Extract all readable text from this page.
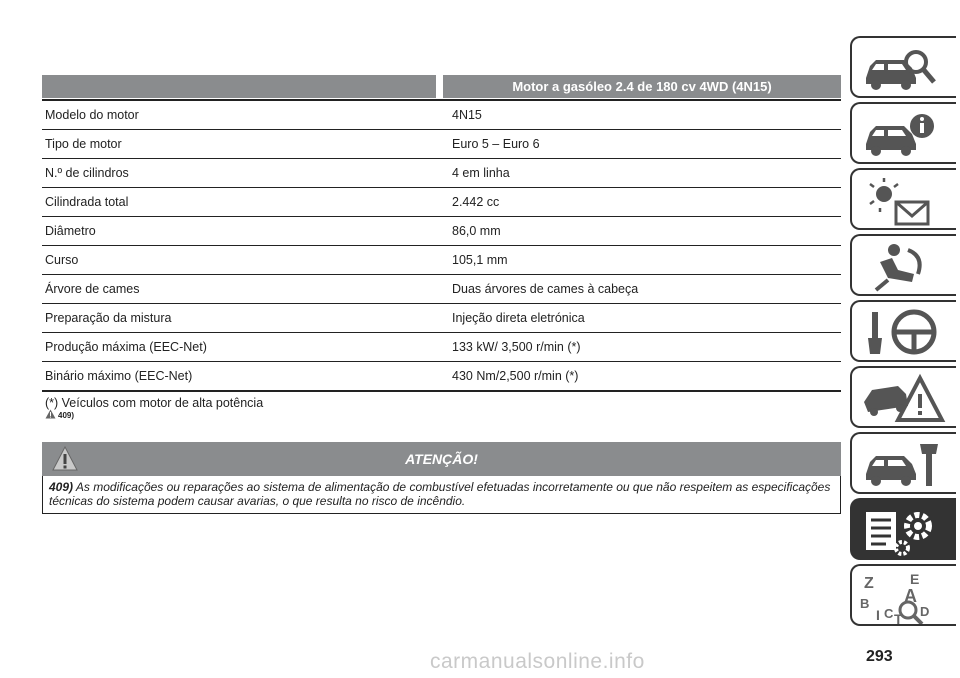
Motor a gasóleo 2.4 de 180 cv 4WD (4N15)
Modelo do motor	4N15
Tipo de motor	Euro 5 – Euro 6
N.º de cilindros	4 em linha
Cilindrada total	2.442 cc
Diâmetro	86,0 mm
Curso	105,1 mm
Árvore de cames	Duas árvores de cames à cabeça
Preparação da mistura	Injeção direta eletrónica
Produção máxima (EEC-Net)	133 kW/ 3,500 r/min (*)
Binário máximo (EEC-Net)	430 Nm/2,500 r/min (*)
(*) Veículos com motor de alta potência
409)
ATENÇÃO!
409) As modificações ou reparações ao sistema de alimentação de combustível efetuadas incorretamente ou que não respeitem as especificações técnicas do sistema podem causar avarias, o que resulta no risco de incêndio.
Z	E
B A
I C D
T
293
carmanualsonline.info
